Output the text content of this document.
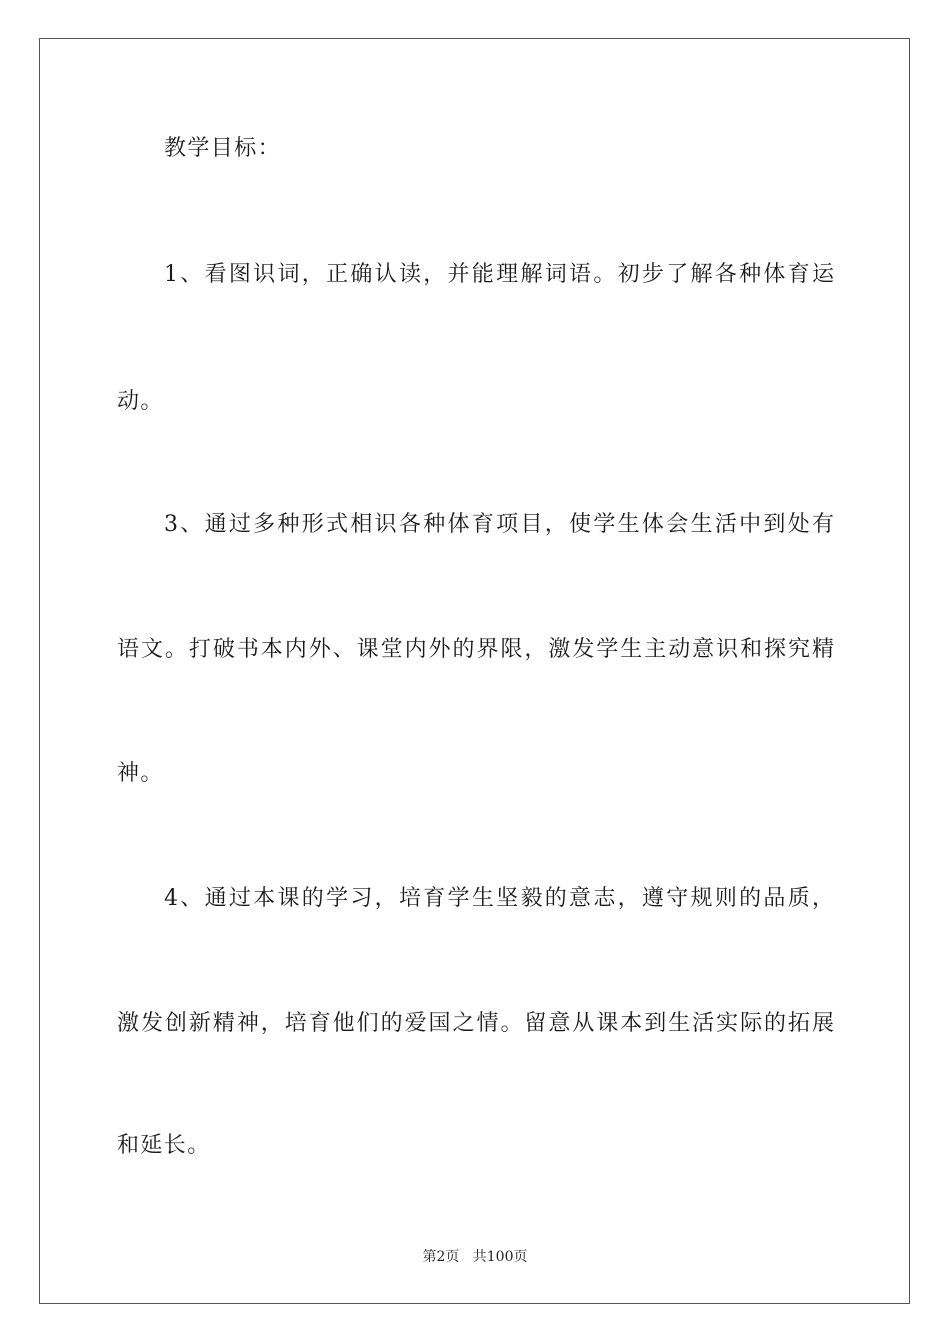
教学目标：
1、看图识词，正确认读，并能理解词语。初步了解各种体育运
动。
3、通过多种形式相识各种体育项目，使学生体会生活中到处有
语文。打破书本内外、课堂内外的界限，激发学生主动意识和探究精
神。
4、通过本课的学习，培育学生坚毅的意志，遵守规则的品质，
激发创新精神，培育他们的爱国之情。留意从课本到生活实际的拓展
和延长。
第2页 共100页
